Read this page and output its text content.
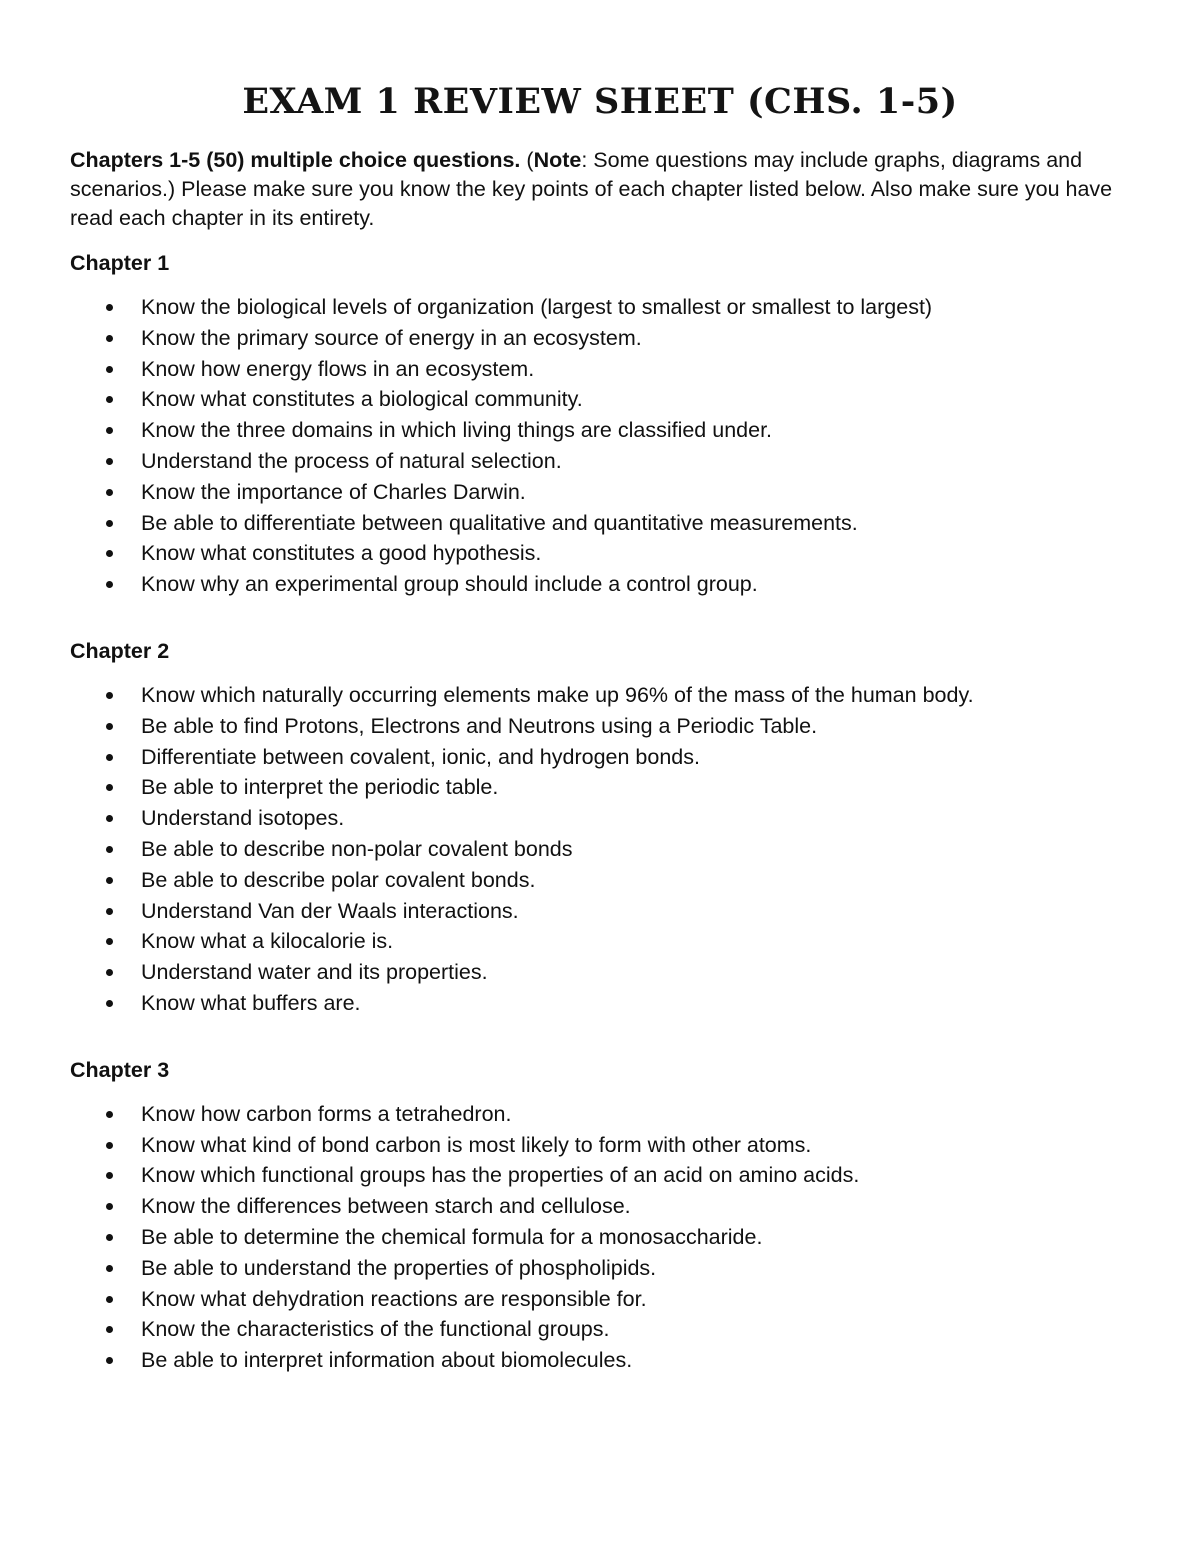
EXAM 1 REVIEW SHEET (CHS. 1-5)

Chapters 1-5 (50) multiple choice questions. (Note: Some questions may include graphs, diagrams and scenarios.) Please make sure you know the key points of each chapter listed below. Also make sure you have read each chapter in its entirety.

Chapter 1
Know the biological levels of organization (largest to smallest or smallest to largest)
Know the primary source of energy in an ecosystem.
Know how energy flows in an ecosystem.
Know what constitutes a biological community.
Know the three domains in which living things are classified under.
Understand the process of natural selection.
Know the importance of Charles Darwin.
Be able to differentiate between qualitative and quantitative measurements.
Know what constitutes a good hypothesis.
Know why an experimental group should include a control group.
Chapter 2
Know which naturally occurring elements make up 96% of the mass of the human body.
Be able to find Protons, Electrons and Neutrons using a Periodic Table.
Differentiate between covalent, ionic, and hydrogen bonds.
Be able to interpret the periodic table.
Understand isotopes.
Be able to describe non-polar covalent bonds
Be able to describe polar covalent bonds.
Understand Van der Waals interactions.
Know what a kilocalorie is.
Understand water and its properties.
Know what buffers are.
Chapter 3
Know how carbon forms a tetrahedron.
Know what kind of bond carbon is most likely to form with other atoms.
Know which functional groups has the properties of an acid on amino acids.
Know the differences between starch and cellulose.
Be able to determine the chemical formula for a monosaccharide.
Be able to understand the properties of phospholipids.
Know what dehydration reactions are responsible for.
Know the characteristics of the functional groups.
Be able to interpret information about biomolecules.
